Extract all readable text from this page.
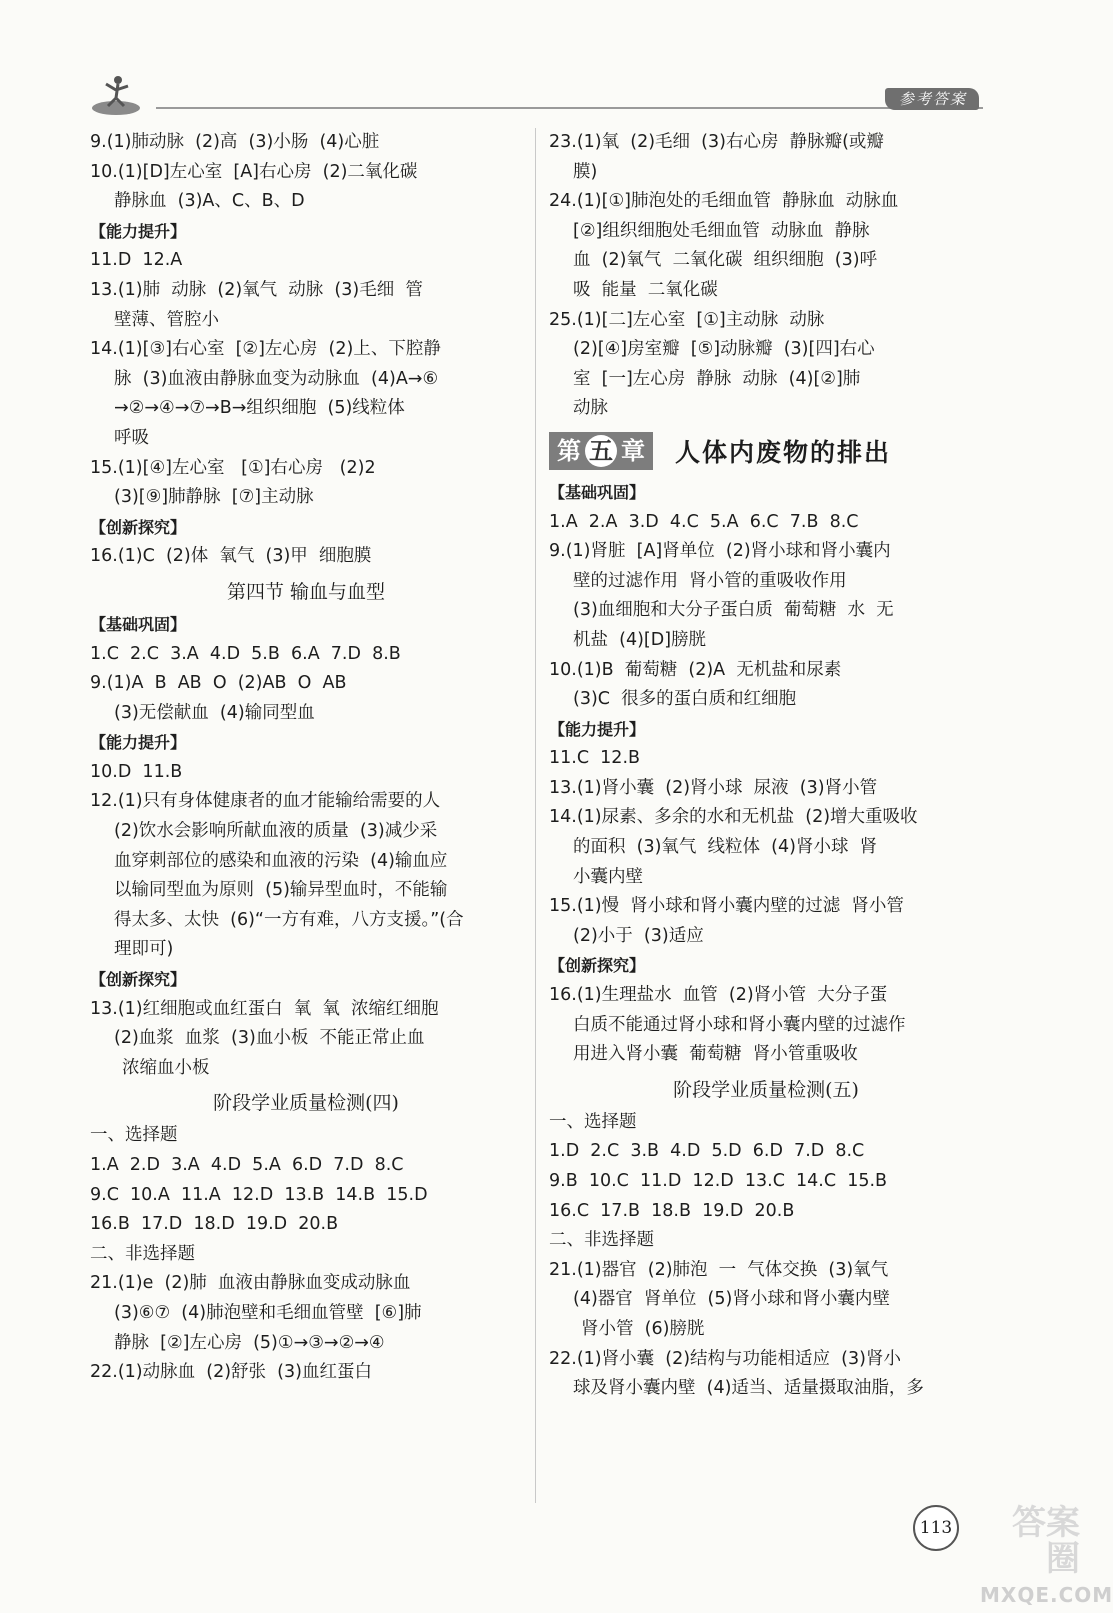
参考答案
9.(1)肺动脉  (2)高  (3)小肠  (4)心脏
10.(1)[D]左心室  [A]右心房  (2)二氧化碳
静脉血  (3)A、C、B、D
【能力提升】
11.D  12.A
13.(1)肺  动脉  (2)氧气  动脉  (3)毛细  管
壁薄、管腔小
14.(1)[③]右心室  [②]左心房  (2)上、下腔静
脉  (3)血液由静脉血变为动脉血  (4)A→⑥
→②→④→⑦→B→组织细胞  (5)线粒体
呼吸
15.(1)[④]左心室   [①]右心房   (2)2
(3)[⑨]肺静脉  [⑦]主动脉
【创新探究】
16.(1)C  (2)体  氧气  (3)甲  细胞膜
第四节 输血与血型
【基础巩固】
1.C  2.C  3.A  4.D  5.B  6.A  7.D  8.B
9.(1)A  B  AB  O  (2)AB  O  AB
(3)无偿献血  (4)输同型血
【能力提升】
10.D  11.B
12.(1)只有身体健康者的血才能输给需要的人
(2)饮水会影响所献血液的质量  (3)减少采
血穿刺部位的感染和血液的污染  (4)输血应
以输同型血为原则  (5)输异型血时，不能输
得太多、太快  (6)“一方有难，八方支援。”(合
理即可)
【创新探究】
13.(1)红细胞或血红蛋白  氧  氧  浓缩红细胞
(2)血浆  血浆  (3)血小板  不能正常止血
浓缩血小板
阶段学业质量检测(四)
一、选择题
1.A  2.D  3.A  4.D  5.A  6.D  7.D  8.C
9.C  10.A  11.A  12.D  13.B  14.B  15.D
16.B  17.D  18.D  19.D  20.B
二、非选择题
21.(1)e  (2)肺  血液由静脉血变成动脉血
(3)⑥⑦  (4)肺泡壁和毛细血管壁  [⑥]肺
静脉  [②]左心房  (5)①→③→②→④
22.(1)动脉血  (2)舒张  (3)血红蛋白
23.(1)氧  (2)毛细  (3)右心房  静脉瓣(或瓣
膜)
24.(1)[①]肺泡处的毛细血管  静脉血  动脉血
[②]组织细胞处毛细血管  动脉血  静脉
血  (2)氧气  二氧化碳  组织细胞  (3)呼
吸  能量  二氧化碳
25.(1)[二]左心室  [①]主动脉  动脉
(2)[④]房室瓣  [⑤]动脉瓣  (3)[四]右心
室  [一]左心房  静脉  动脉  (4)[②]肺
动脉
第 五 章 人体内废物的排出
【基础巩固】
1.A  2.A  3.D  4.C  5.A  6.C  7.B  8.C
9.(1)肾脏  [A]肾单位  (2)肾小球和肾小囊内
壁的过滤作用  肾小管的重吸收作用
(3)血细胞和大分子蛋白质  葡萄糖  水  无
机盐  (4)[D]膀胱
10.(1)B  葡萄糖  (2)A  无机盐和尿素
(3)C  很多的蛋白质和红细胞
【能力提升】
11.C  12.B
13.(1)肾小囊  (2)肾小球  尿液  (3)肾小管
14.(1)尿素、多余的水和无机盐  (2)增大重吸收
的面积  (3)氧气  线粒体  (4)肾小球  肾
小囊内壁
15.(1)慢  肾小球和肾小囊内壁的过滤  肾小管
(2)小于  (3)适应
【创新探究】
16.(1)生理盐水  血管  (2)肾小管  大分子蛋
白质不能通过肾小球和肾小囊内壁的过滤作
用进入肾小囊  葡萄糖  肾小管重吸收
阶段学业质量检测(五)
一、选择题
1.D  2.C  3.B  4.D  5.D  6.D  7.D  8.C
9.B  10.C  11.D  12.D  13.C  14.C  15.B
16.C  17.B  18.B  19.D  20.B
二、非选择题
21.(1)器官  (2)肺泡  一  气体交换  (3)氧气
(4)器官  肾单位  (5)肾小球和肾小囊内壁
肾小管  (6)膀胱
22.(1)肾小囊  (2)结构与功能相适应  (3)肾小
球及肾小囊内壁  (4)适当、适量摄取油脂，多
113	答案圈
MXQE.COM
